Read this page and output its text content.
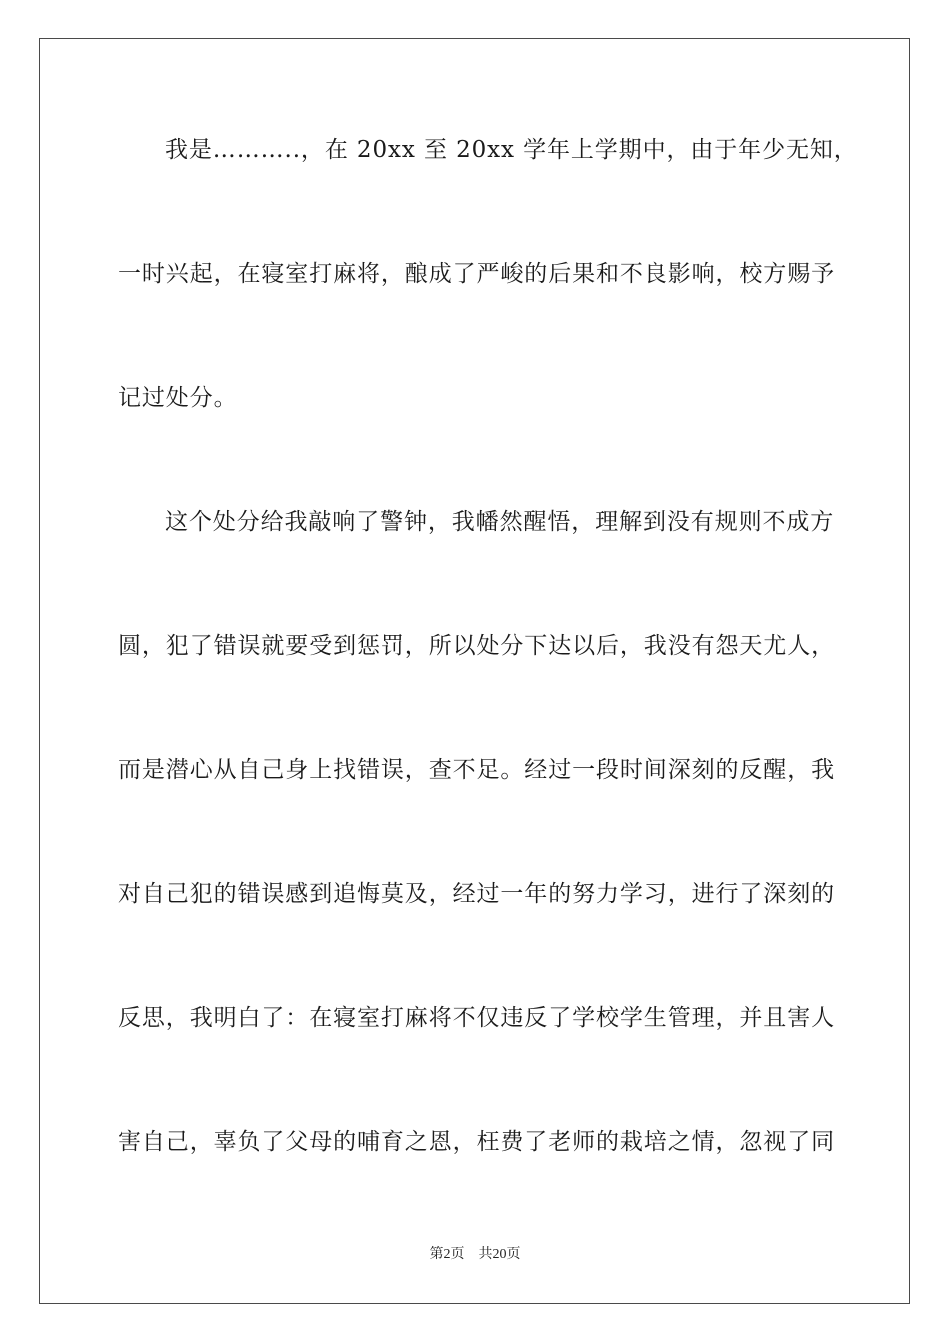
我是………..，在 20xx 至 20xx 学年上学期中，由于年少无知，
一时兴起，在寝室打麻将，酿成了严峻的后果和不良影响，校方赐予
记过处分。
这个处分给我敲响了警钟，我幡然醒悟，理解到没有规则不成方
圆，犯了错误就要受到惩罚，所以处分下达以后，我没有怨天尤人，
而是潜心从自己身上找错误，查不足。经过一段时间深刻的反醒，我
对自己犯的错误感到追悔莫及，经过一年的努力学习，进行了深刻的
反思，我明白了：在寝室打麻将不仅违反了学校学生管理，并且害人
害自己，辜负了父母的哺育之恩，枉费了老师的栽培之情，忽视了同
第2页 共20页
